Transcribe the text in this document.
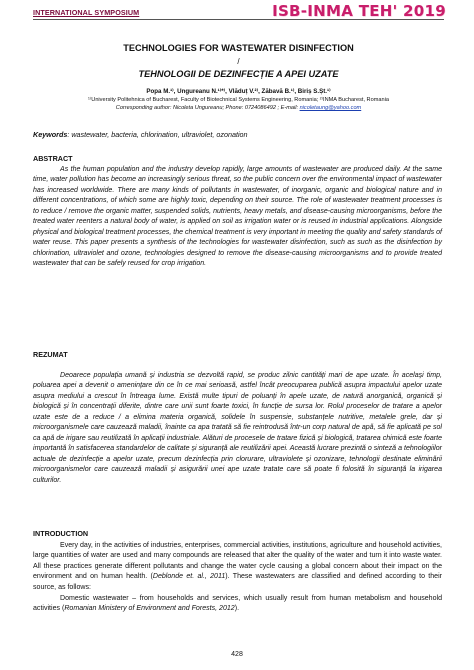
INTERNATIONAL SYMPOSIUM	ISB-INMA TEH' 2019
TECHNOLOGIES FOR WASTEWATER DISINFECTION
/
TEHNOLOGII DE DEZINFECȚIE A APEI UZATE
Popa M.¹⁾, Ungureanu N.¹⁾*⁾, Vlăduț V.²⁾, Zăbavă B.¹⁾, Biriș S.Șt.¹⁾
¹⁾University Politehnica of Bucharest, Faculty of Biotechnical Systems Engineering, Romania; ²⁾INMA Bucharest, Romania
Corresponding author: Nicoleta Ungureanu; Phone: 0724086492 ; E-mail: nicoletaung@yahoo.com
Keywords: wastewater, bacteria, chlorination, ultraviolet, ozonation
ABSTRACT

As the human population and the industry develop rapidly, large amounts of wastewater are produced daily. At the same time, water pollution has become an increasingly serious threat, so the public concern over the environmental impact of wastewater has increased worldwide. There are many kinds of pollutants in wastewater, of inorganic, organic and biological nature and in different concentrations, of which some are highly toxic, depending on their source. The role of wastewater treatment processes is to reduce / remove the organic matter, suspended solids, nutrients, heavy metals, and disease-causing microorganisms, before the treated water reenters a natural body of water, is applied on soil as irrigation water or is reused in industrial applications. Alongside physical and biological treatment processes, the chemical treatment is very important in meeting the quality and safety standards of water reuse. This paper presents a synthesis of the technologies for wastewater disinfection, such as such as the disinfection by chlorination, ultraviolet and ozone, technologies designed to remove the disease-causing microorganisms and to provide treated wastewater that can be safely reused for crop irrigation.

REZUMAT

Deoarece populația umană și industria se dezvoltă rapid, se produc zilnic cantități mari de ape uzate. În același timp, poluarea apei a devenit o amenințare din ce în ce mai serioasă, astfel încât preocuparea publică asupra impactului apelor uzate asupra mediului a crescut în întreaga lume. Există multe tipuri de poluanți în apele uzate, de natură anorganică, organică și biologică și în concentrații diferite, dintre care unii sunt foarte toxici, în funcție de sursa lor. Rolul proceselor de tratare a apelor uzate este de a reduce / a elimina materia organică, solidele în suspensie, substanțele nutritive, metalele grele, dar și microorganismele care cauzează maladii, înainte ca apa tratată să fie reintrodusă într-un corp natural de apă, să fie aplicată pe sol ca apă de irigare sau reutilizată în aplicații industriale. Alături de procesele de tratare fizică și biologică, tratarea chimică este foarte importantă în satisfacerea standardelor de calitate și siguranță ale reutilizării apei. Această lucrare prezintă o sinteză a tehnologiilor actuale de dezinfecție a apelor uzate, precum dezinfecția prin clorurare, ultraviolete și ozonizare, tehnologii destinate eliminării microorganismelor care cauzează maladii și asigurării unei ape uzate tratate care să poate fi folosită în siguranță la irigarea culturilor.

INTRODUCTION

Every day, in the activities of industries, enterprises, commercial activities, institutions, agriculture and household activities, large quantities of water are used and many compounds are released that alter the quality of the water and turn it into waste water. All these practices generate different pollutants and change the water cycle causing a global concern about their impact on the environment and on human health. (Deblonde et. al., 2011). These wastewaters are classified and defined according to their source, as follows:

Domestic wastewater – from households and services, which usually result from human metabolism and household activities (Romanian Ministery of Environment and Forests, 2012).

428
